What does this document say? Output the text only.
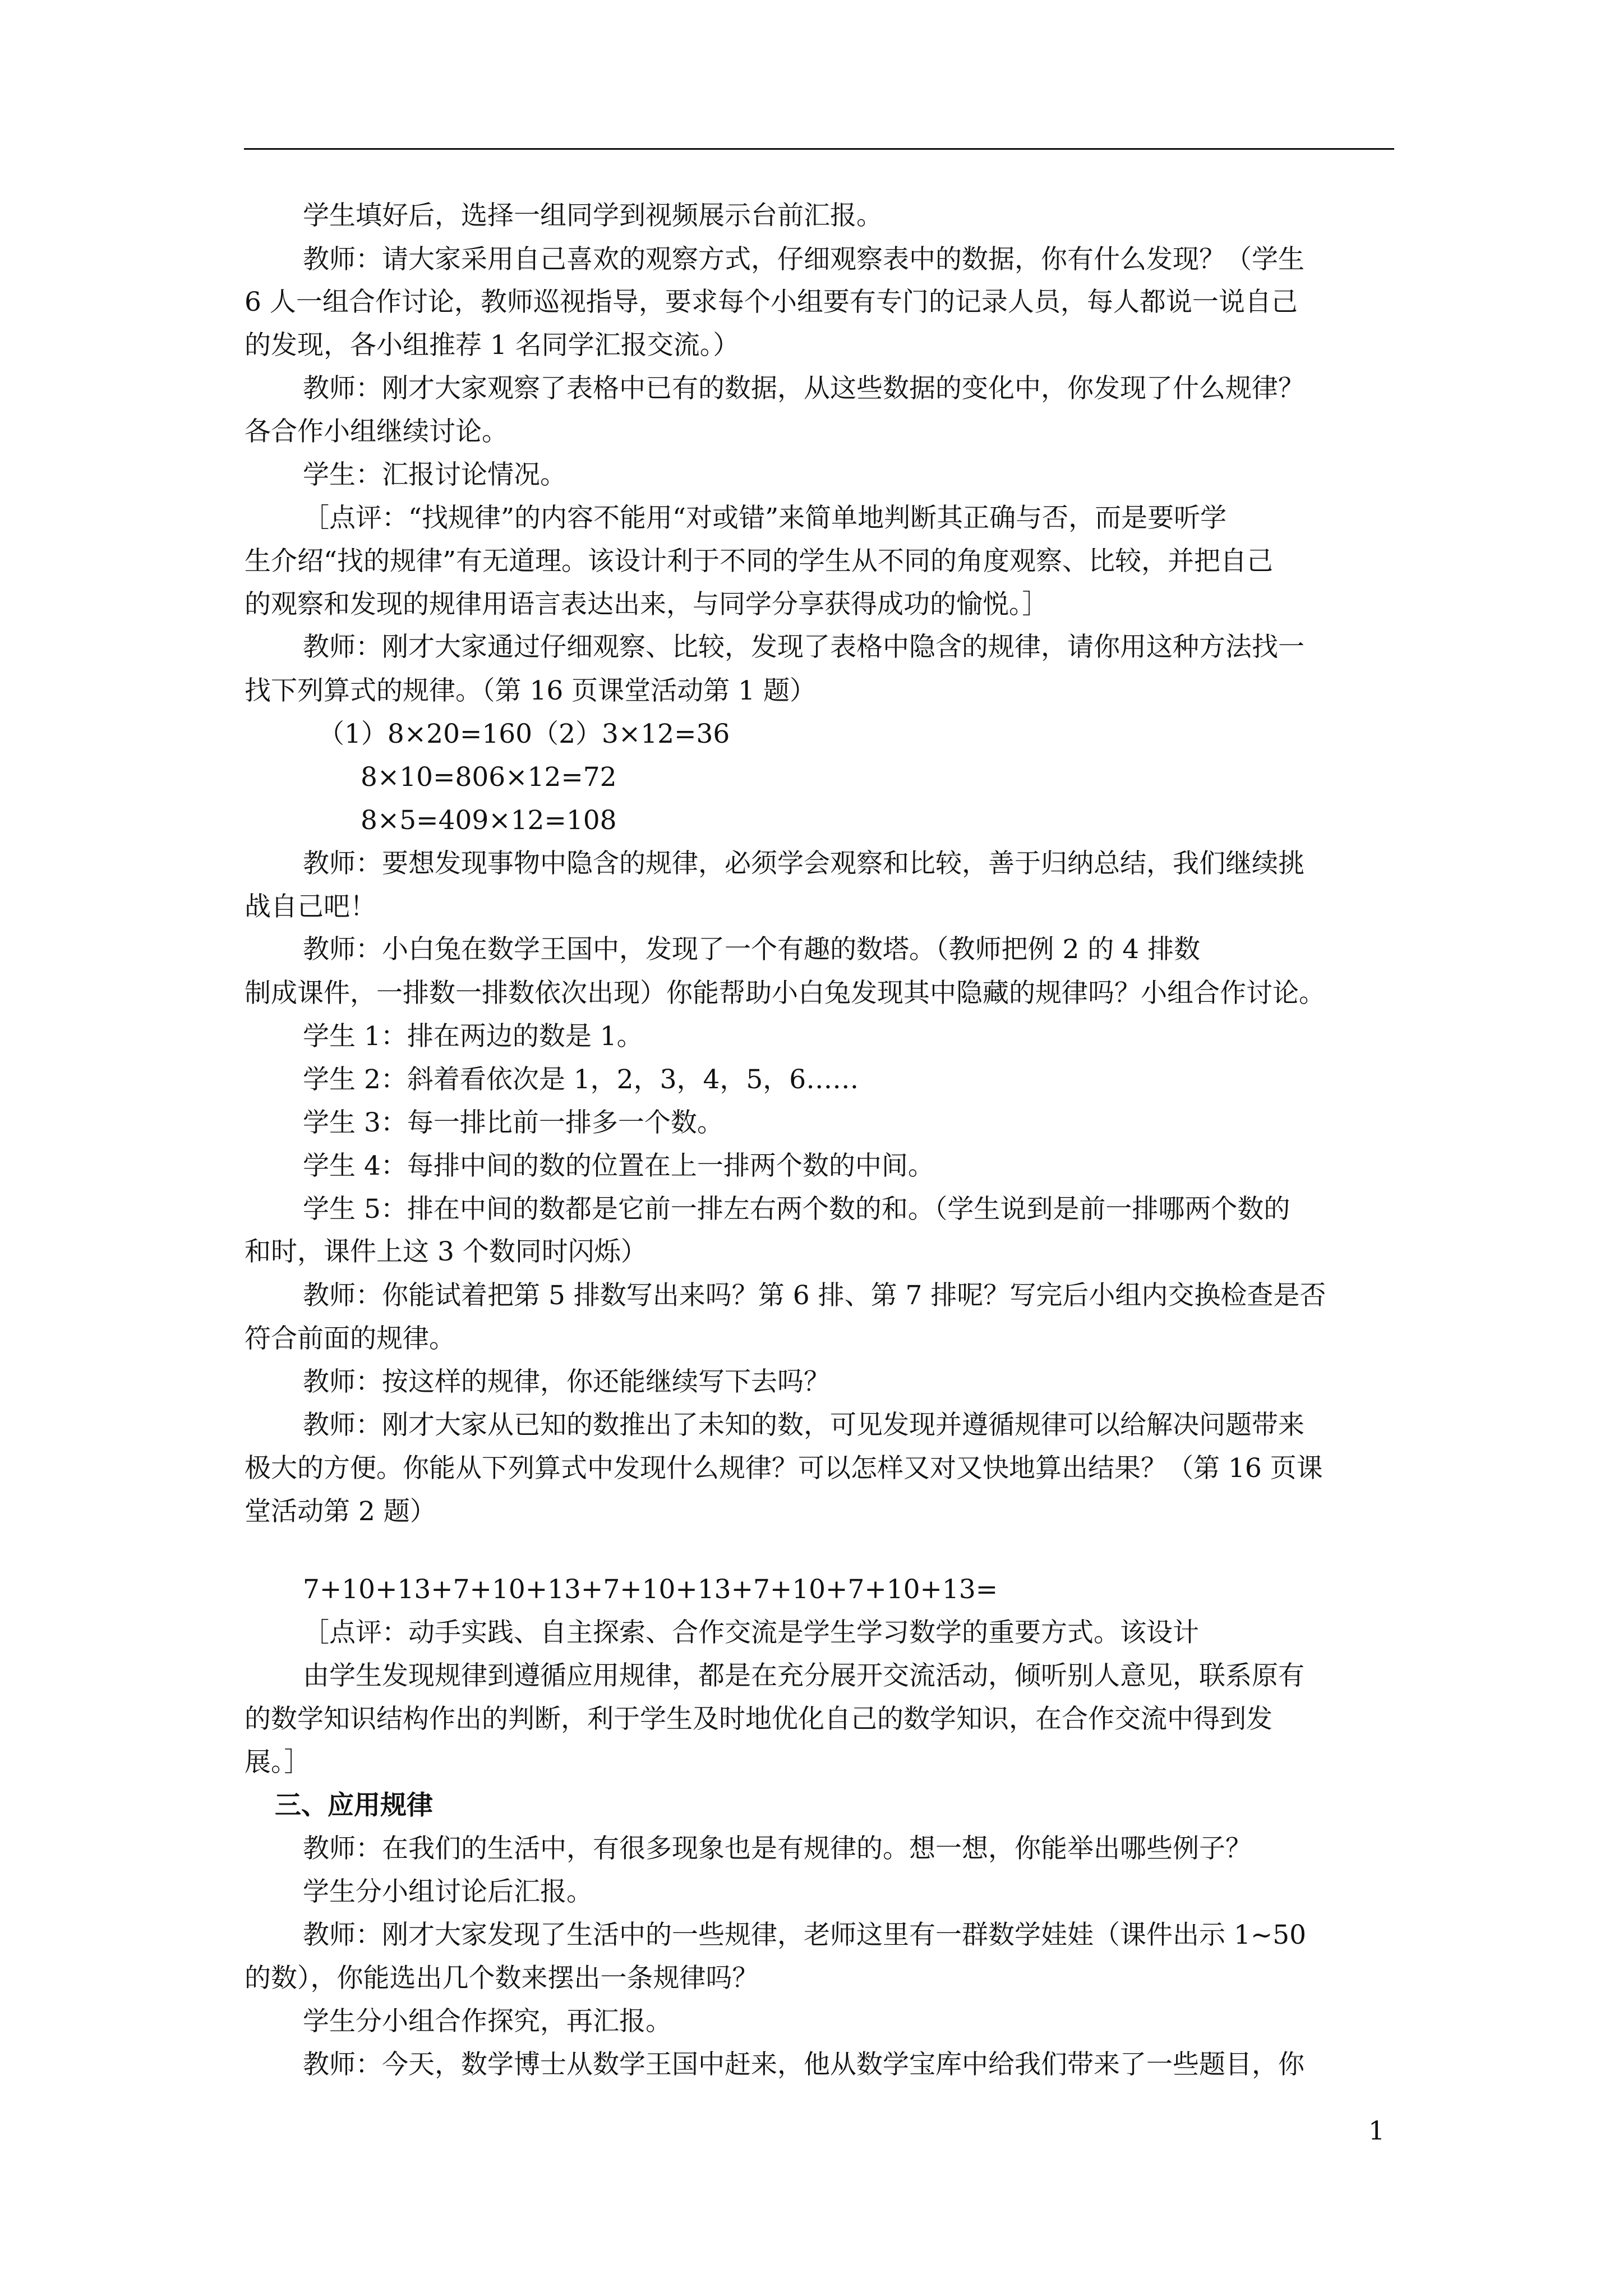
学生填好后，选择一组同学到视频展示台前汇报。
教师：请大家采用自己喜欢的观察方式，仔细观察表中的数据，你有什么发现？（学生
6 人一组合作讨论，教师巡视指导，要求每个小组要有专门的记录人员，每人都说一说自己
的发现，各小组推荐 1 名同学汇报交流。）
教师：刚才大家观察了表格中已有的数据，从这些数据的变化中，你发现了什么规律？
各合作小组继续讨论。
学生：汇报讨论情况。
［点评：“找规律”的内容不能用“对或错”来简单地判断其正确与否，而是要听学
生介绍“找的规律”有无道理。该设计利于不同的学生从不同的角度观察、比较，并把自己
的观察和发现的规律用语言表达出来，与同学分享获得成功的愉悦。］
教师：刚才大家通过仔细观察、比较，发现了表格中隐含的规律，请你用这种方法找一
找下列算式的规律。（第 16 页课堂活动第 1 题）
（1）8×20=160（2）3×12=36
8×10=806×12=72
8×5=409×12=108
教师：要想发现事物中隐含的规律，必须学会观察和比较，善于归纳总结，我们继续挑
战自己吧！
教师：小白兔在数学王国中，发现了一个有趣的数塔。（教师把例 2 的 4 排数
制成课件，一排数一排数依次出现）你能帮助小白兔发现其中隐藏的规律吗？小组合作讨论。
学生 1：排在两边的数是 1。
学生 2：斜着看依次是 1，2，3，4，5，6……
学生 3：每一排比前一排多一个数。
学生 4：每排中间的数的位置在上一排两个数的中间。
学生 5：排在中间的数都是它前一排左右两个数的和。（学生说到是前一排哪两个数的
和时，课件上这 3 个数同时闪烁）
教师：你能试着把第 5 排数写出来吗？第 6 排、第 7 排呢？写完后小组内交换检查是否
符合前面的规律。
教师：按这样的规律，你还能继续写下去吗？
教师：刚才大家从已知的数推出了未知的数，可见发现并遵循规律可以给解决问题带来
极大的方便。你能从下列算式中发现什么规律？可以怎样又对又快地算出结果？（第 16 页课
堂活动第 2 题）
7+10+13+7+10+13+7+10+13+7+10+7+10+13=
［点评：动手实践、自主探索、合作交流是学生学习数学的重要方式。该设计
由学生发现规律到遵循应用规律，都是在充分展开交流活动，倾听别人意见，联系原有
的数学知识结构作出的判断，利于学生及时地优化自己的数学知识，在合作交流中得到发
展。］
三、应用规律
教师：在我们的生活中，有很多现象也是有规律的。想一想，你能举出哪些例子？
学生分小组讨论后汇报。
教师：刚才大家发现了生活中的一些规律，老师这里有一群数学娃娃（课件出示 1~50
的数），你能选出几个数来摆出一条规律吗？
学生分小组合作探究，再汇报。
教师：今天，数学博士从数学王国中赶来，他从数学宝库中给我们带来了一些题目，你
1
